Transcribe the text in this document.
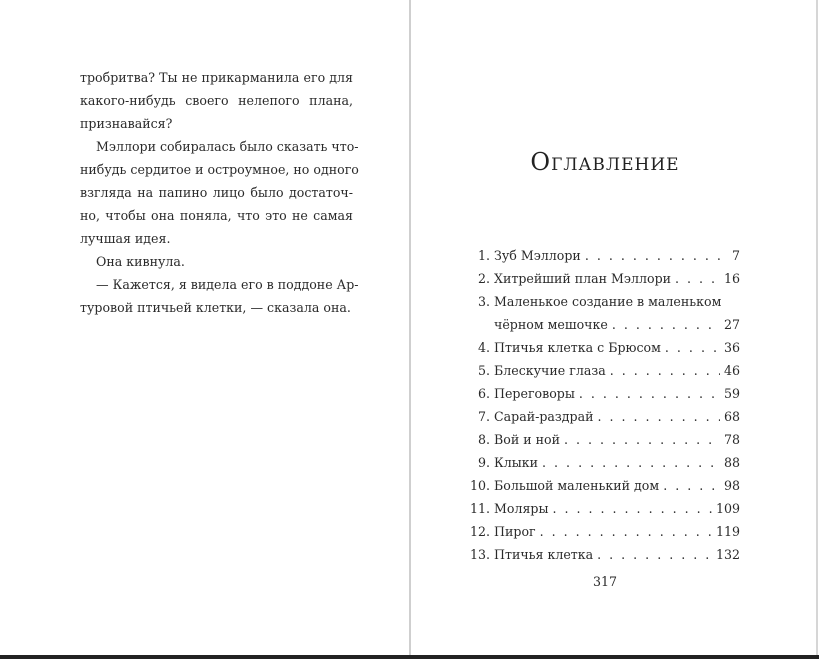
тробритва? Ты не прикарманила его для
какого-нибудь своего нелепого плана,
признавайся?
Мэллори собиралась было сказать что-
нибудь сердитое и остроумное, но одного
взгляда на папино лицо было достаточ-
но, чтобы она поняла, что это не самая
лучшая идея.
Она кивнула.
— Кажется, я видела его в поддоне Ар-
туровой птичьей клетки, — сказала она.
Оглавление
1. Зуб Мэллори . . .	7
2. Хитрейший план Мэллори . . .	16
3. Маленькое создание в маленьком
чёрном мешочке . . .	27
4. Птичья клетка с Брюсом . . .	36
5. Блескучие глаза . . .	46
6. Переговоры . . .	59
7. Сарай-раздрай . . .	68
8. Вой и ной . . .	78
9. Клыки . . .	88
10. Большой маленький дом . . .	98
11. Моляры . . .	109
12. Пирог . . .	119
13. Птичья клетка . . .	132
317
